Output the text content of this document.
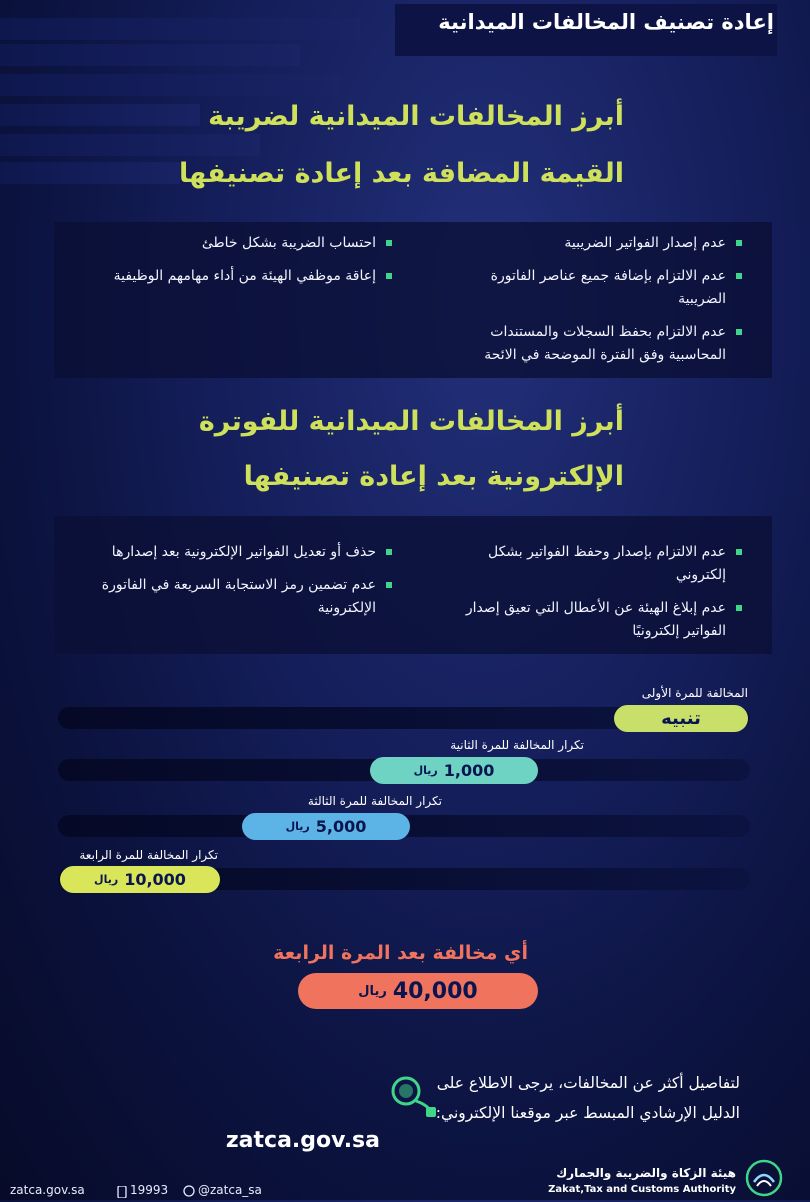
إعادة تصنيف المخالفات الميدانية
أبرز المخالفات الميدانية لضريبة
القيمة المضافة بعد إعادة تصنيفها
عدم إصدار الفواتير الضريبية
عدم الالتزام بإضافة جميع عناصر الفاتورة الضريبية
عدم الالتزام بحفظ السجلات والمستندات المحاسبية وفق الفترة الموضحة في الائحة
احتساب الضريبة بشكل خاطئ
إعاقة موظفي الهيئة من أداء مهامهم الوظيفية
أبرز المخالفات الميدانية للفوترة
الإلكترونية بعد إعادة تصنيفها
عدم الالتزام بإصدار وحفظ الفواتير بشكل إلكتروني
عدم إبلاغ الهيئة عن الأعطال التي تعيق إصدار الفواتير إلكترونيًا
حذف أو تعديل الفواتير الإلكترونية بعد إصدارها
عدم تضمين رمز الاستجابة السريعة في الفاتورة الإلكترونية
المخالفة للمرة الأولى
تنبيه
تكرار المخالفة للمرة الثانية
ريال 1,000
تكرار المخالفة للمرة الثالثة
ريال 5,000
تكرار المخالفة للمرة الرابعة
ريال 10,000
أي مخالفة بعد المرة الرابعة
ريال 40,000
لتفاصيل أكثر عن المخالفات، يرجى الاطلاع على
الدليل الإرشادي المبسط عبر موقعنا الإلكتروني:
zatca.gov.sa
zatca.gov.sa	19993 @zatca_sa
هيئة الزكاة والضريبة والجمارك
Zakat,Tax and Customs Authority
